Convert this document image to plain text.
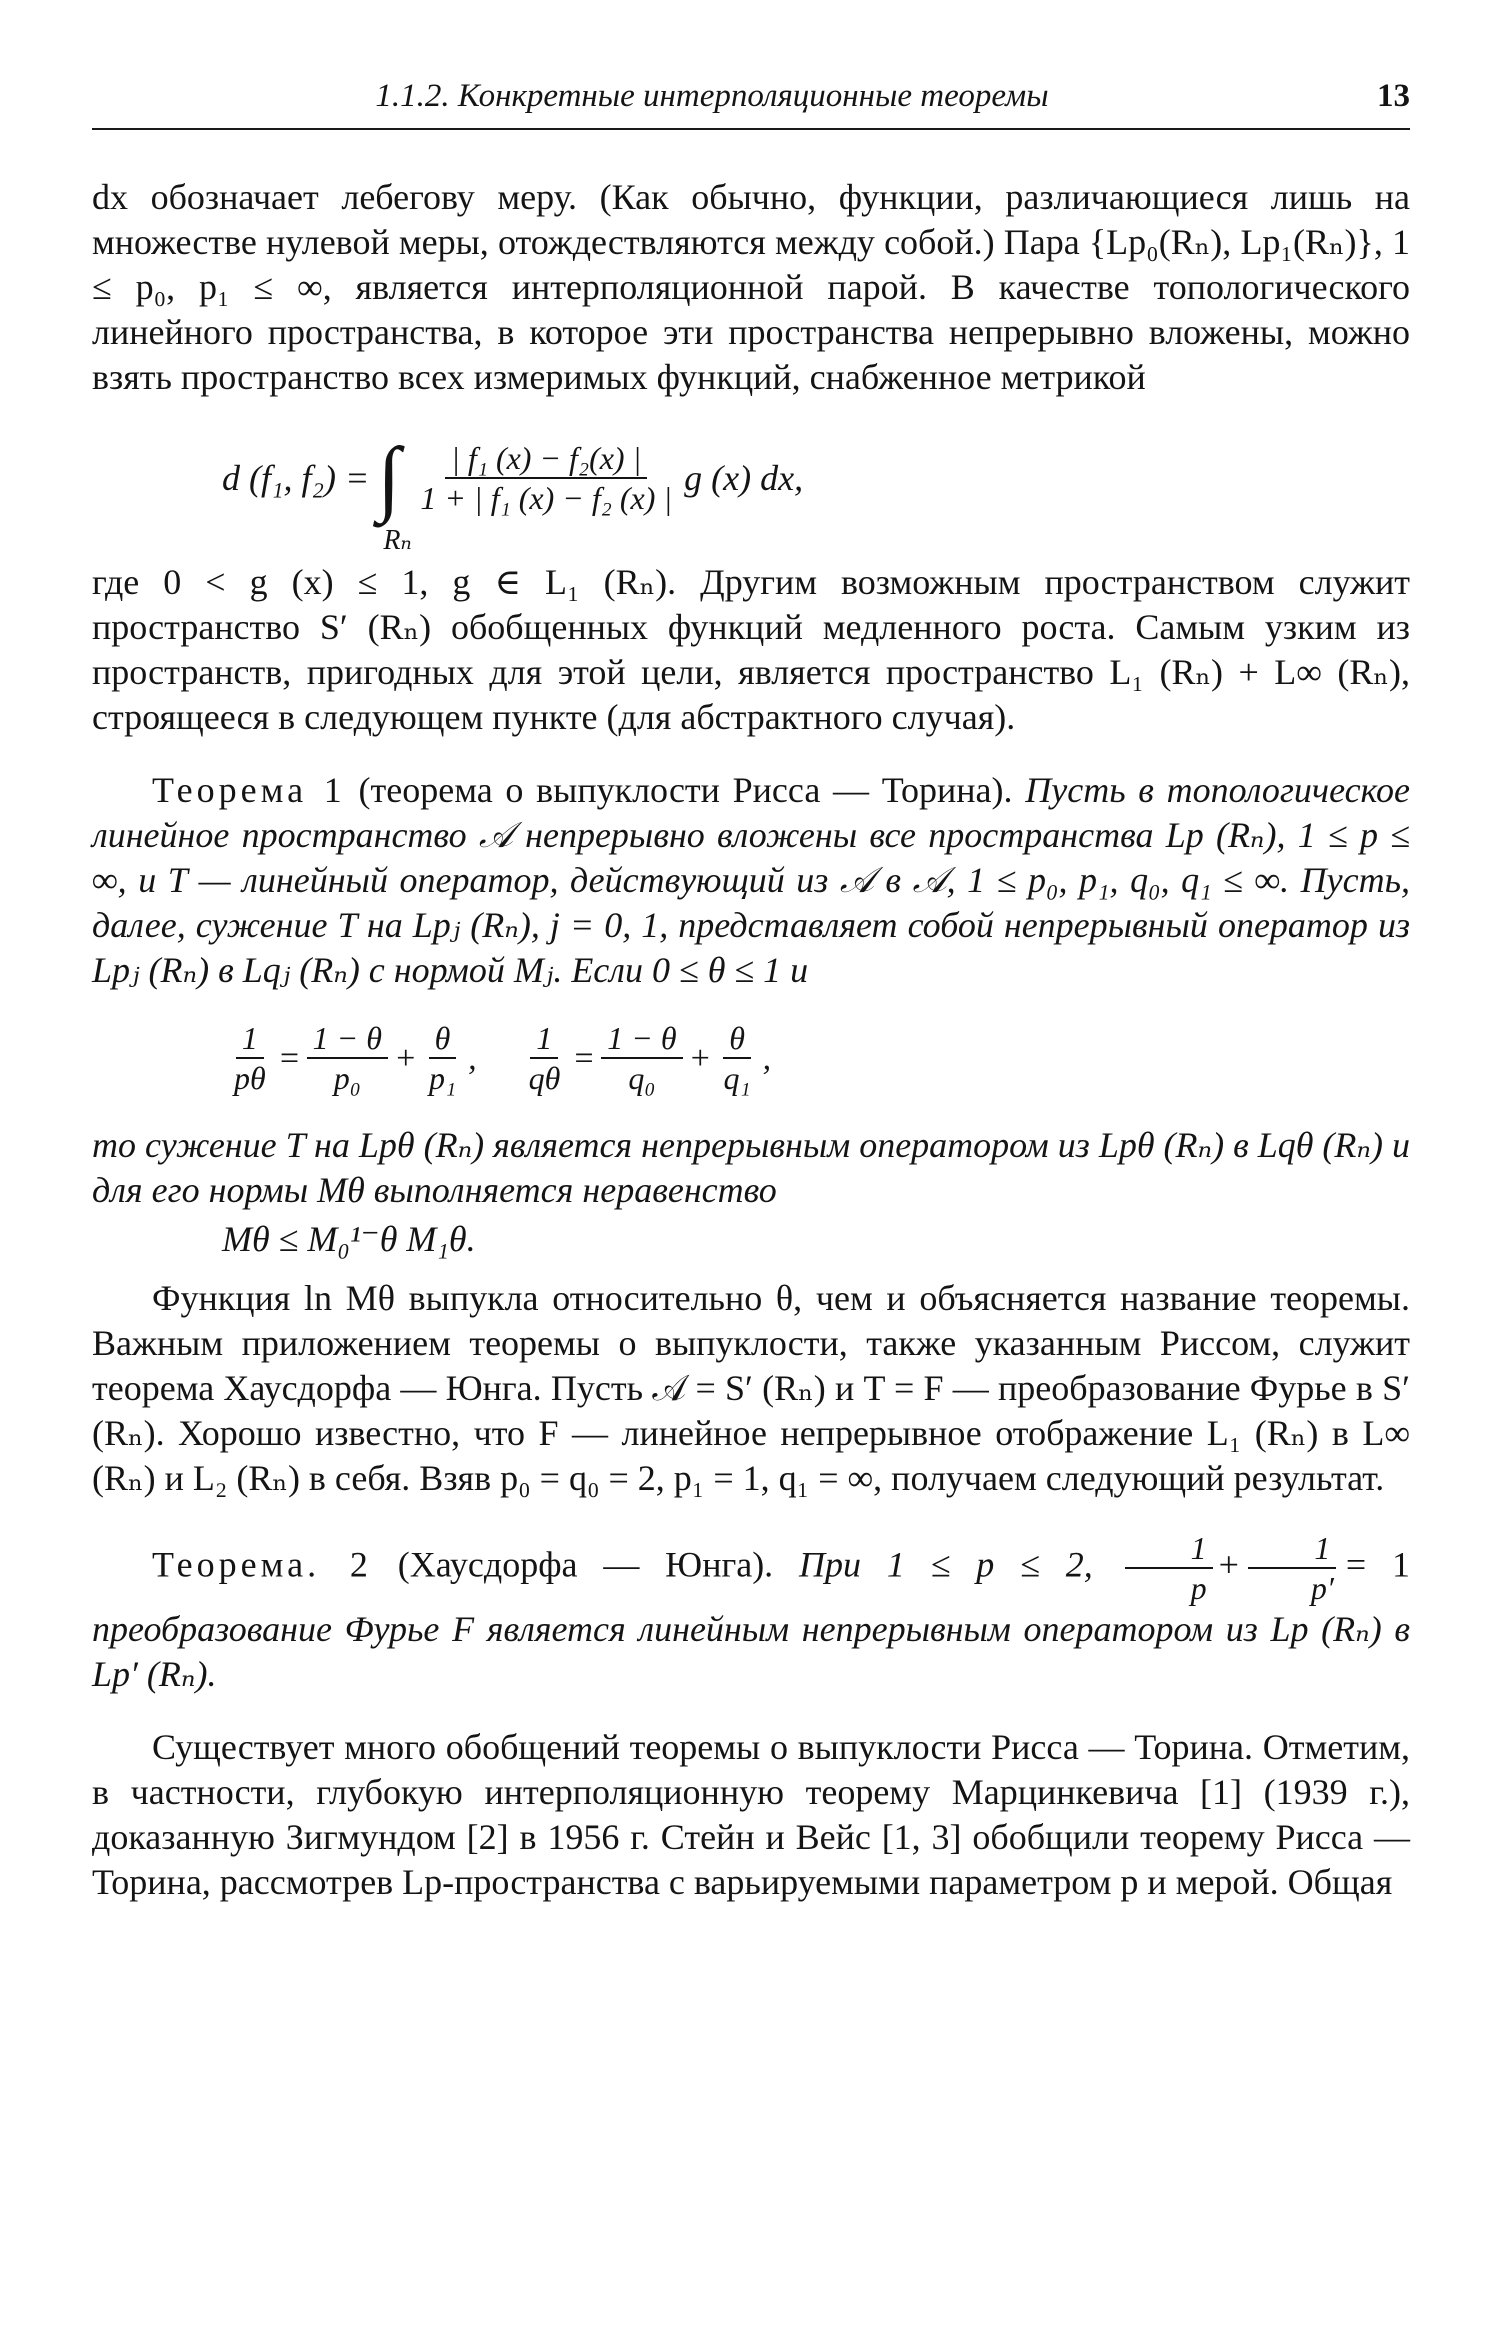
1.1.2. Конкретные интерполяционные теоремы	13

dx обозначает лебегову меру. (Как обычно, функции, различающиеся лишь на множестве нулевой меры, отождествляются между собой.) Пара {Lp₀(Rₙ), Lp₁(Rₙ)}, 1 ≤ p₀, p₁ ≤ ∞, является интерполяционной парой. В качестве топологического линейного пространства, в которое эти пространства непрерывно вложены, можно взять пространство всех измеримых функций, снабженное метрикой

d (f₁, f₂) = ∫
Rₙ
$\frac{\text{| f₁ (x) − f₂(x) |}}{\text{1 + | f₁ (x) − f₂ (x) |}}$ g (x) dx,

где 0 < g (x) ≤ 1, g ∈ L₁ (Rₙ). Другим возможным пространством служит пространство S′ (Rₙ) обобщенных функций медленного роста. Самым узким из пространств, пригодных для этой цели, является пространство L₁ (Rₙ) + L∞ (Rₙ), строящееся в следующем пункте (для абстрактного случая).

Теорема 1 (теорема о выпуклости Рисса — Торина). Пусть в топологическое линейное пространство 𝒜 непрерывно вложены все пространства Lp (Rₙ), 1 ≤ p ≤ ∞, и T — линейный оператор, действующий из 𝒜 в 𝒜, 1 ≤ p₀, p₁, q₀, q₁ ≤ ∞. Пусть, далее, сужение T на Lpⱼ (Rₙ), j = 0, 1, представляет собой непрерывный оператор из Lpⱼ (Rₙ) в Lqⱼ (Rₙ) с нормой Mⱼ. Если 0 ≤ θ ≤ 1 и

$\frac{1}{p\theta} = \frac{1 - \theta}{\text{p₀}} + \frac{\theta}{\text{p₁}}$ , $\frac{1}{q\theta} = \frac{1 - \theta}{\text{q₀}} + \frac{\theta}{\text{q₁}}$ ,

то сужение T на Lpθ (Rₙ) является непрерывным оператором из Lpθ (Rₙ) в Lqθ (Rₙ) и для его нормы Mθ выполняется неравенство

Mθ ≤ M₀¹⁻θ M₁θ.

Функция ln Mθ выпукла относительно θ, чем и объясняется название теоремы. Важным приложением теоремы о выпуклости, также указанным Риссом, служит теорема Хаусдорфа — Юнга. Пусть 𝒜 = S′ (Rₙ) и T = F — преобразование Фурье в S′ (Rₙ). Хорошо известно, что F — линейное непрерывное отображение L₁ (Rₙ) в L∞ (Rₙ) и L₂ (Rₙ) в себя. Взяв p₀ = q₀ = 2, p₁ = 1, q₁ = ∞, получаем следующий результат.

Теорема. 2 (Хаусдорфа — Юнга). При 1 ≤ p ≤ 2, $\frac{1}{p} + \frac{1}{p'} = 1$ преобразование Фурье F является линейным непрерывным оператором из Lp (Rₙ) в Lp′ (Rₙ).

Существует много обобщений теоремы о выпуклости Рисса — Торина. Отметим, в частности, глубокую интерполяционную теорему Марцинкевича [1] (1939 г.), доказанную Зигмундом [2] в 1956 г. Стейн и Вейс [1, 3] обобщили теорему Рисса — Торина, рассмотрев Lp-пространства с варьируемыми параметром p и мерой. Общая
